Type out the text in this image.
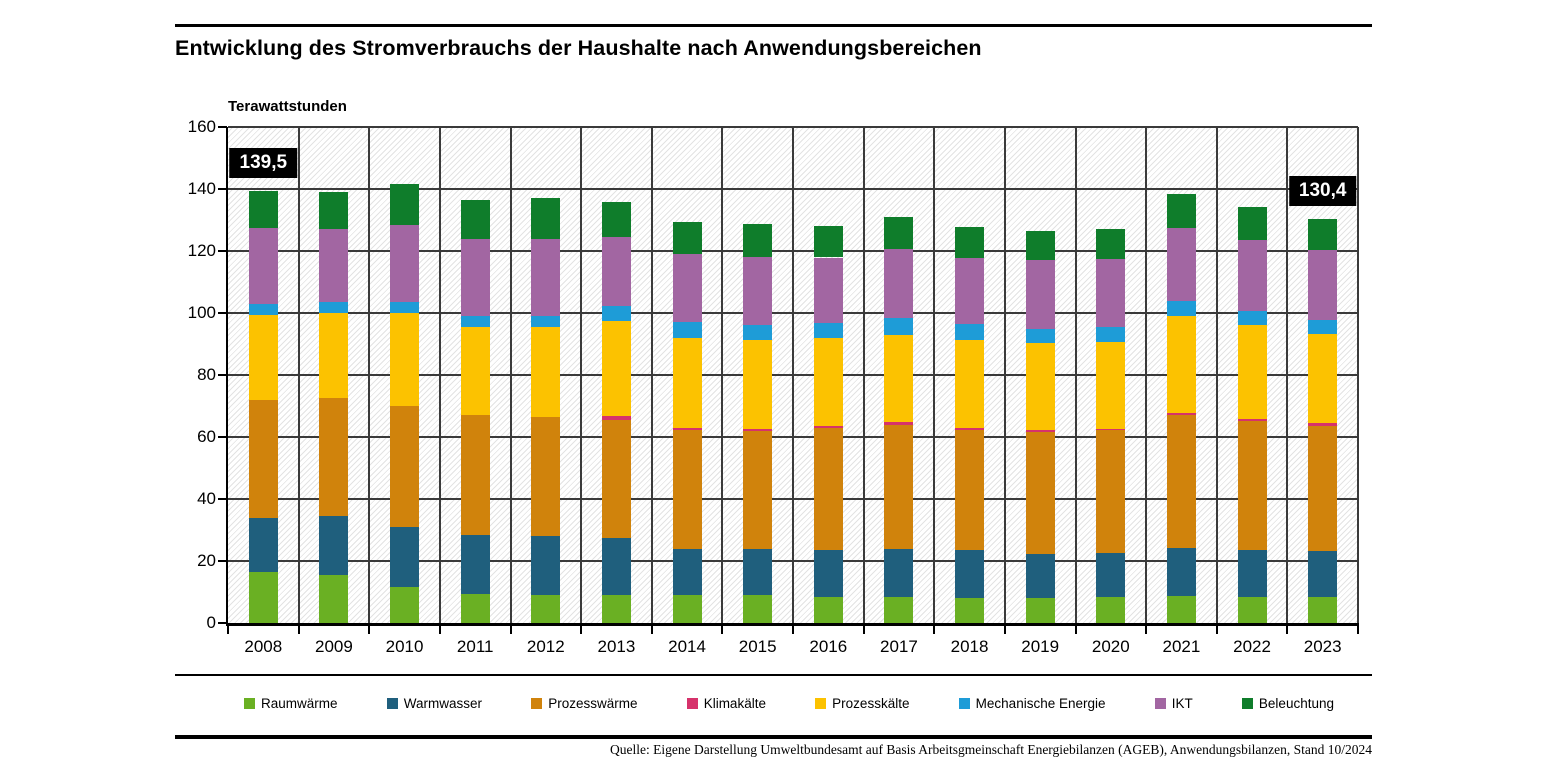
Entwicklung des Stromverbrauchs der Haushalte nach Anwendungsbereichen
Terawattstunden
Raumwärme	Warmwasser	Prozesswärme	Klimakälte	Prozesskälte	Mechanische Energie	IKT	Beleuchtung
Quelle: Eigene Darstellung Umweltbundesamt auf Basis Arbeitsgmeinschaft Energiebilanzen (AGEB), Anwendungsbilanzen, Stand 10/2024
0
20
40
60
80
100
120
140
160
2008	2009	2010	2011	2012	2013	2014	2015	2016	2017	2018	2019	2020	2021	2022	2023
139,5
130,4
